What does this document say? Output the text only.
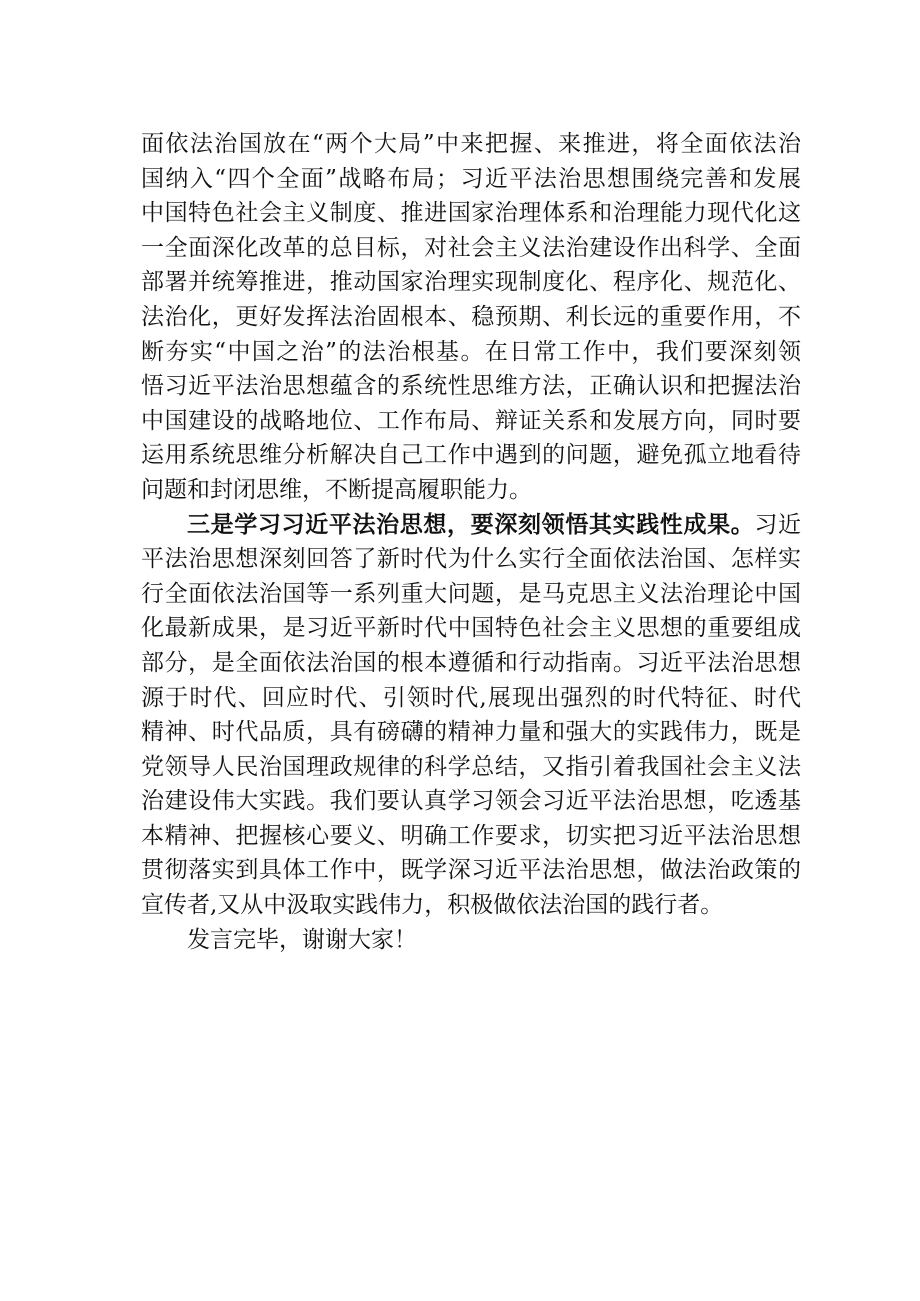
面依法治国放在“两个大局”中来把握、来推进，将全面依法治
国纳入“四个全面”战略布局；习近平法治思想围绕完善和发展
中国特色社会主义制度、推进国家治理体系和治理能力现代化这
一全面深化改革的总目标，对社会主义法治建设作出科学、全面
部署并统筹推进，推动国家治理实现制度化、程序化、规范化、
法治化，更好发挥法治固根本、稳预期、利长远的重要作用，不
断夯实“中国之治”的法治根基。在日常工作中，我们要深刻领
悟习近平法治思想蕴含的系统性思维方法，正确认识和把握法治
中国建设的战略地位、工作布局、辩证关系和发展方向，同时要
运用系统思维分析解决自己工作中遇到的问题，避免孤立地看待
问题和封闭思维，不断提高履职能力。
三是学习习近平法治思想，要深刻领悟其实践性成果。习近
平法治思想深刻回答了新时代为什么实行全面依法治国、怎样实
行全面依法治国等一系列重大问题，是马克思主义法治理论中国
化最新成果，是习近平新时代中国特色社会主义思想的重要组成
部分，是全面依法治国的根本遵循和行动指南。习近平法治思想
源于时代、回应时代、引领时代,展现出强烈的时代特征、时代
精神、时代品质，具有磅礴的精神力量和强大的实践伟力，既是
党领导人民治国理政规律的科学总结，又指引着我国社会主义法
治建设伟大实践。我们要认真学习领会习近平法治思想，吃透基
本精神、把握核心要义、明确工作要求，切实把习近平法治思想
贯彻落实到具体工作中，既学深习近平法治思想，做法治政策的
宣传者,又从中汲取实践伟力，积极做依法治国的践行者。
发言完毕，谢谢大家！
